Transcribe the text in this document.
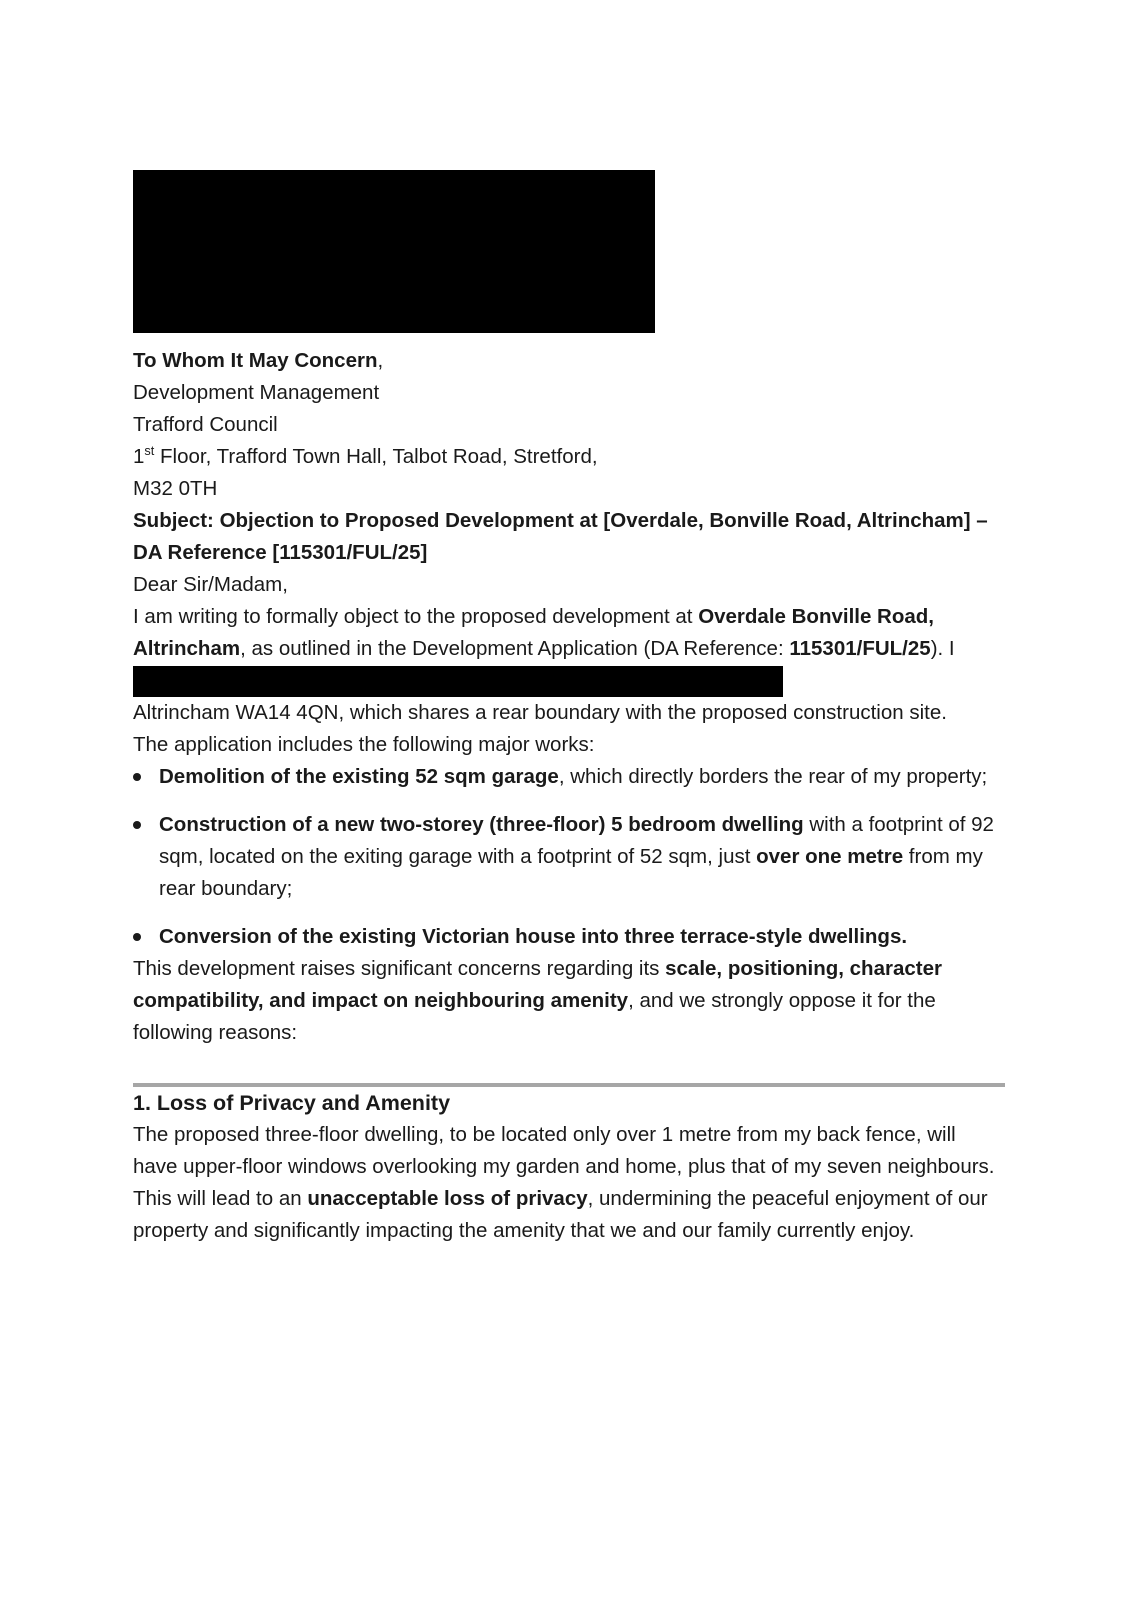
To Whom It May Concern,

Development Management

Trafford Council

1st Floor, Trafford Town Hall, Talbot Road, Stretford,

M32 0TH

Subject: Objection to Proposed Development at [Overdale, Bonville Road, Altrincham] – DA Reference [115301/FUL/25]

Dear Sir/Madam,

I am writing to formally object to the proposed development at Overdale Bonville Road, Altrincham, as outlined in the Development Application (DA Reference: 115301/FUL/25). I

Altrincham WA14 4QN, which shares a rear boundary with the proposed construction site.

The application includes the following major works:

Demolition of the existing 52 sqm garage, which directly borders the rear of my property;
Construction of a new two-storey (three-floor) 5 bedroom dwelling with a footprint of 92 sqm, located on the exiting garage with a footprint of 52 sqm, just over one metre from my rear boundary;
Conversion of the existing Victorian house into three terrace-style dwellings.

This development raises significant concerns regarding its scale, positioning, character compatibility, and impact on neighbouring amenity, and we strongly oppose it for the following reasons:

1. Loss of Privacy and Amenity

The proposed three-floor dwelling, to be located only over 1 metre from my back fence, will have upper-floor windows overlooking my garden and home, plus that of my seven neighbours. This will lead to an unacceptable loss of privacy, undermining the peaceful enjoyment of our property and significantly impacting the amenity that we and our family currently enjoy.
